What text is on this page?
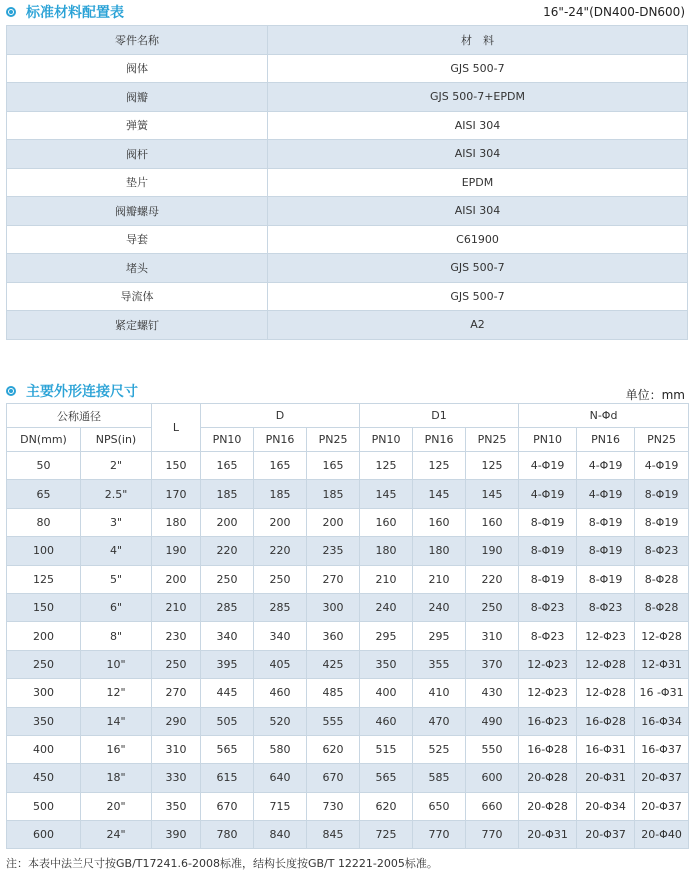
标准材料配置表	16"-24"(DN400-DN600)
零件名称	材　料
阀体	GJS 500-7
阀瓣	GJS 500-7+EPDM
弹簧	AISI 304
阀杆	AISI 304
垫片	EPDM
阀瓣螺母	AISI 304
导套	C61900
堵头	GJS 500-7
导流体	GJS 500-7
紧定螺钉	A2
主要外形连接尺寸	单位：mm
公称通径		L	D			D1			N-Φd		
DN(mm)	NPS(in)		PN10	PN16	PN25	PN10	PN16	PN25	PN10	PN16	PN25
50	2"	150	165	165	165	125	125	125	4-Φ19	4-Φ19	4-Φ19
65	2.5"	170	185	185	185	145	145	145	4-Φ19	4-Φ19	8-Φ19
80	3"	180	200	200	200	160	160	160	8-Φ19	8-Φ19	8-Φ19
100	4"	190	220	220	235	180	180	190	8-Φ19	8-Φ19	8-Φ23
125	5"	200	250	250	270	210	210	220	8-Φ19	8-Φ19	8-Φ28
150	6"	210	285	285	300	240	240	250	8-Φ23	8-Φ23	8-Φ28
200	8"	230	340	340	360	295	295	310	8-Φ23	12-Φ23	12-Φ28
250	10"	250	395	405	425	350	355	370	12-Φ23	12-Φ28	12-Φ31
300	12"	270	445	460	485	400	410	430	12-Φ23	12-Φ28	16 -Φ31
350	14"	290	505	520	555	460	470	490	16-Φ23	16-Φ28	16-Φ34
400	16"	310	565	580	620	515	525	550	16-Φ28	16-Φ31	16-Φ37
450	18"	330	615	640	670	565	585	600	20-Φ28	20-Φ31	20-Φ37
500	20"	350	670	715	730	620	650	660	20-Φ28	20-Φ34	20-Φ37
600	24"	390	780	840	845	725	770	770	20-Φ31	20-Φ37	20-Φ40
注：本表中法兰尺寸按GB/T17241.6-2008标准，结构长度按GB/T 12221-2005标准。
